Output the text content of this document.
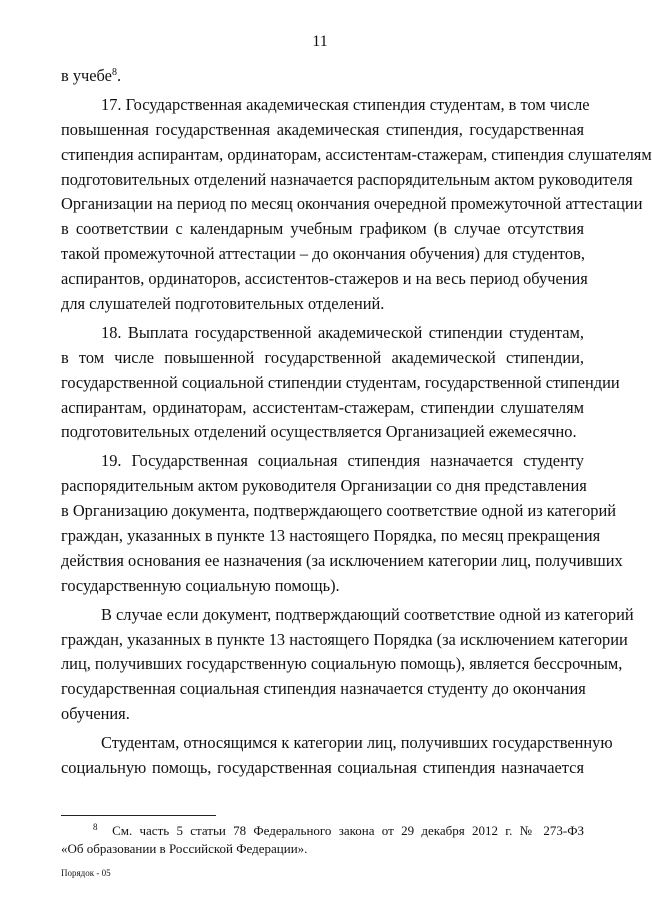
11
в учебе$^8$.
17. Государственная академическая стипендия студентам, в том числе
повышенная государственная академическая стипендия, государственная
стипендия аспирантам, ординаторам, ассистентам-стажерам, стипендия слушателям
подготовительных отделений назначается распорядительным актом руководителя
Организации на период по месяц окончания очередной промежуточной аттестации
в соответствии с календарным учебным графиком (в случае отсутствия
такой промежуточной аттестации – до окончания обучения) для студентов,
аспирантов, ординаторов, ассистентов-стажеров и на весь период обучения
для слушателей подготовительных отделений.
18. Выплата государственной академической стипендии студентам,
в том числе повышенной государственной академической стипендии,
государственной социальной стипендии студентам, государственной стипендии
аспирантам, ординаторам, ассистентам-стажерам, стипендии слушателям
подготовительных отделений осуществляется Организацией ежемесячно.
19. Государственная социальная стипендия назначается студенту
распорядительным актом руководителя Организации со дня представления
в Организацию документа, подтверждающего соответствие одной из категорий
граждан, указанных в пункте 13 настоящего Порядка, по месяц прекращения
действия основания ее назначения (за исключением категории лиц, получивших
государственную социальную помощь).
В случае если документ, подтверждающий соответствие одной из категорий
граждан, указанных в пункте 13 настоящего Порядка (за исключением категории
лиц, получивших государственную социальную помощь), является бессрочным,
государственная социальная стипендия назначается студенту до окончания
обучения.
Студентам, относящимся к категории лиц, получивших государственную
социальную помощь, государственная социальная стипендия назначается
$^8$ См. часть 5 статьи 78 Федерального закона от 29 декабря 2012 г. № 273-ФЗ
«Об образовании в Российской Федерации».
Порядок - 05
